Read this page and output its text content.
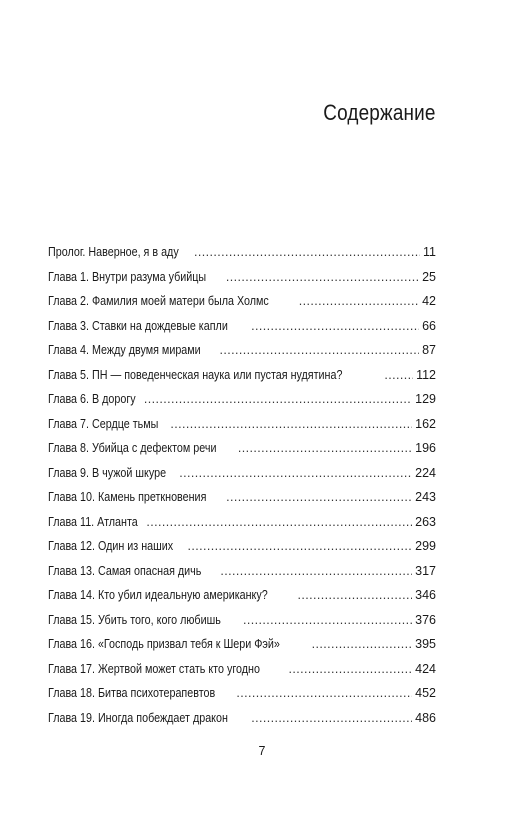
Содержание
Пролог. Наверное, я в аду .....	11
Глава 1. Внутри разума убийцы .....	25
Глава 2. Фамилия моей матери была Холмс .....	42
Глава 3. Ставки на дождевые капли .....	66
Глава 4. Между двумя мирами .....	87
Глава 5. ПН — поведенческая наука или пустая нудятина? .....	112
Глава 6. В дорогу .....	129
Глава 7. Сердце тьмы .....	162
Глава 8. Убийца с дефектом речи .....	196
Глава 9. В чужой шкуре .....	224
Глава 10. Камень преткновения .....	243
Глава 11. Атланта .....	263
Глава 12. Один из наших .....	299
Глава 13. Самая опасная дичь .....	317
Глава 14. Кто убил идеальную американку? .....	346
Глава 15. Убить того, кого любишь .....	376
Глава 16. «Господь призвал тебя к Шери Фэй» .....	395
Глава 17. Жертвой может стать кто угодно .....	424
Глава 18. Битва психотерапевтов .....	452
Глава 19. Иногда побеждает дракон .....	486
7
